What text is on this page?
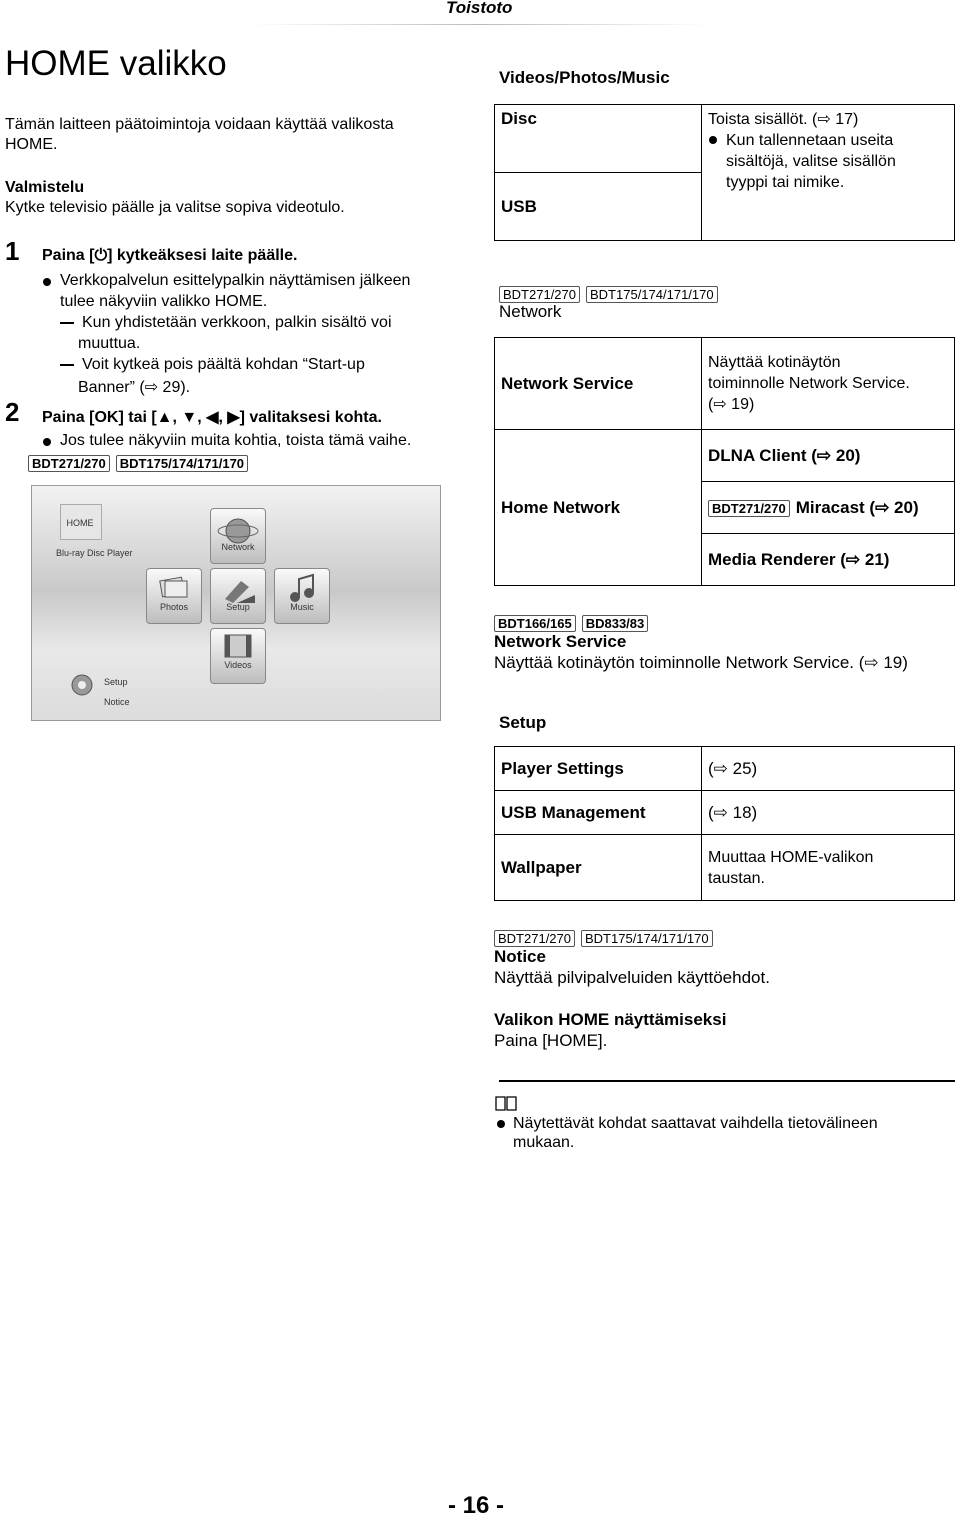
Toistoto
HOME valikko
Tämän laitteen päätoimintoja voidaan käyttää valikosta
HOME.
Valmistelu
Kytke televisio päälle ja valitse sopiva videotulo.
1 Paina [⏻] kytkeäksesi laite päälle.
Verkkopalvelun esittelypalkin näyttämisen jälkeen
tulee näkyviin valikko HOME.
Kun yhdistetään verkkoon, palkin sisältö voi
muuttua.
Voit kytkeä pois päältä kohdan “Start-up
Banner” (⇨ 29).
2 Paina [OK] tai [▲, ▼, ◀, ▶] valitaksesi kohta.
Jos tulee näkyviin muita kohtia, toista tämä vaihe.
BDT271/270 BDT175/174/171/170
HOME
Blu-ray Disc Player
Network
Photos	Setup	Music
Videos
Setup
Notice
Videos/Photos/Music
Disc	Toista sisällöt. (⇨ 17)
Kun tallennetaan useita
sisältöjä, valitse sisällön
tyyppi tai nimike.

USB
BDT271/270 BDT175/174/171/170
Network
Network Service	Näyttää kotinäytön
toiminnolle Network Service.
(⇨ 19)

Home Network	DLNA Client (⇨ 20)
	BDT271/270 Miracast (⇨ 20)
	Media Renderer (⇨ 21)
BDT166/165 BD833/83
Network Service
Näyttää kotinäytön toiminnolle Network Service. (⇨ 19)
Setup
Player Settings	(⇨ 25)
USB Management	(⇨ 18)
Wallpaper	Muuttaa HOME-valikon
taustan.
BDT271/270 BDT175/174/171/170
Notice
Näyttää pilvipalveluiden käyttöehdot.
Valikon HOME näyttämiseksi
Paina [HOME].
Näytettävät kohdat saattavat vaihdella tietovälineen
mukaan.
- 16 -
